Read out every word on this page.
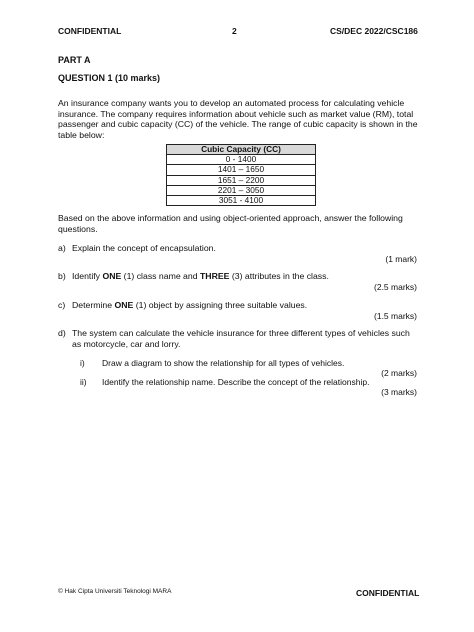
CONFIDENTIAL	2	CS/DEC 2022/CSC186
PART A
QUESTION 1 (10 marks)
An insurance company wants you to develop an automated process for calculating vehicle insurance. The company requires information about vehicle such as market value (RM), total passenger and cubic capacity (CC) of the vehicle. The range of cubic capacity is shown in the table below:
Cubic Capacity (CC)
0 - 1400
1401 – 1650
1651 – 2200
2201 – 3050
3051 - 4100
Based on the above information and using object-oriented approach, answer the following questions.
a) Explain the concept of encapsulation.
(1 mark)
b) Identify ONE (1) class name and THREE (3) attributes in the class.
(2.5 marks)
c) Determine ONE (1) object by assigning three suitable values.
(1.5 marks)
d) The system can calculate the vehicle insurance for three different types of vehicles such as motorcycle, car and lorry.
i) Draw a diagram to show the relationship for all types of vehicles.
(2 marks)
ii) Identify the relationship name. Describe the concept of the relationship.
(3 marks)
© Hak Cipta Universiti Teknologi MARA	CONFIDENTIAL
